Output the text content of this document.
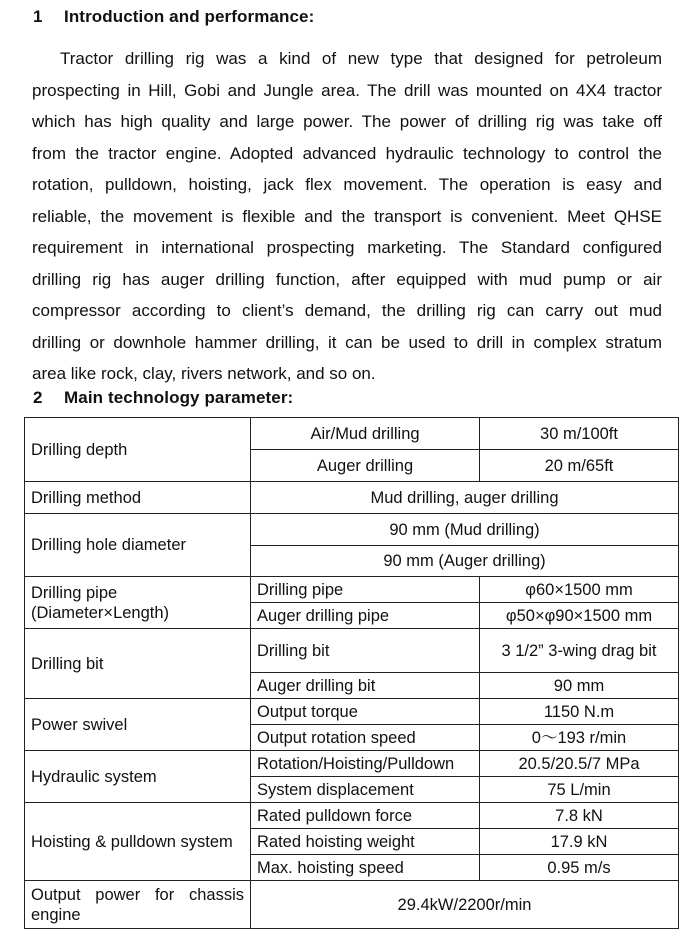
1 Introduction and performance:
Tractor drilling rig was a kind of new type that designed for petroleum
prospecting in Hill, Gobi and Jungle area. The drill was mounted on 4X4 tractor
which has high quality and large power. The power of drilling rig was take off
from the tractor engine. Adopted advanced hydraulic technology to control the
rotation, pulldown, hoisting, jack flex movement. The operation is easy and
reliable, the movement is flexible and the transport is convenient. Meet QHSE
requirement in international prospecting marketing. The Standard configured
drilling rig has auger drilling function, after equipped with mud pump or air
compressor according to client’s demand, the drilling rig can carry out mud
drilling or downhole hammer drilling, it can be used to drill in complex stratum
area like rock, clay, rivers network, and so on.
2 Main technology parameter:
Drilling depth	Air/Mud drilling	30 m/100ft
	Auger drilling	20 m/65ft
Drilling method	Mud drilling, auger drilling	
Drilling hole diameter	90 mm (Mud drilling)	
	90 mm (Auger drilling)	
Drilling pipe
(Diameter×Length)	Drilling pipe	φ60×1500 mm
	Auger drilling pipe	φ50×φ90×1500 mm
Drilling bit	Drilling bit	3 1/2” 3-wing drag bit
	Auger drilling bit	90 mm
Power swivel	Output torque	1150 N.m
	Output rotation speed	0～193 r/min
Hydraulic system	Rotation/Hoisting/Pulldown	20.5/20.5/7 MPa
	System displacement	75 L/min
Hoisting & pulldown system	Rated pulldown force	7.8 kN
	Rated hoisting weight	17.9 kN
	Max. hoisting speed	0.95 m/s
Output power for chassis engine	29.4kW/2200r/min	
